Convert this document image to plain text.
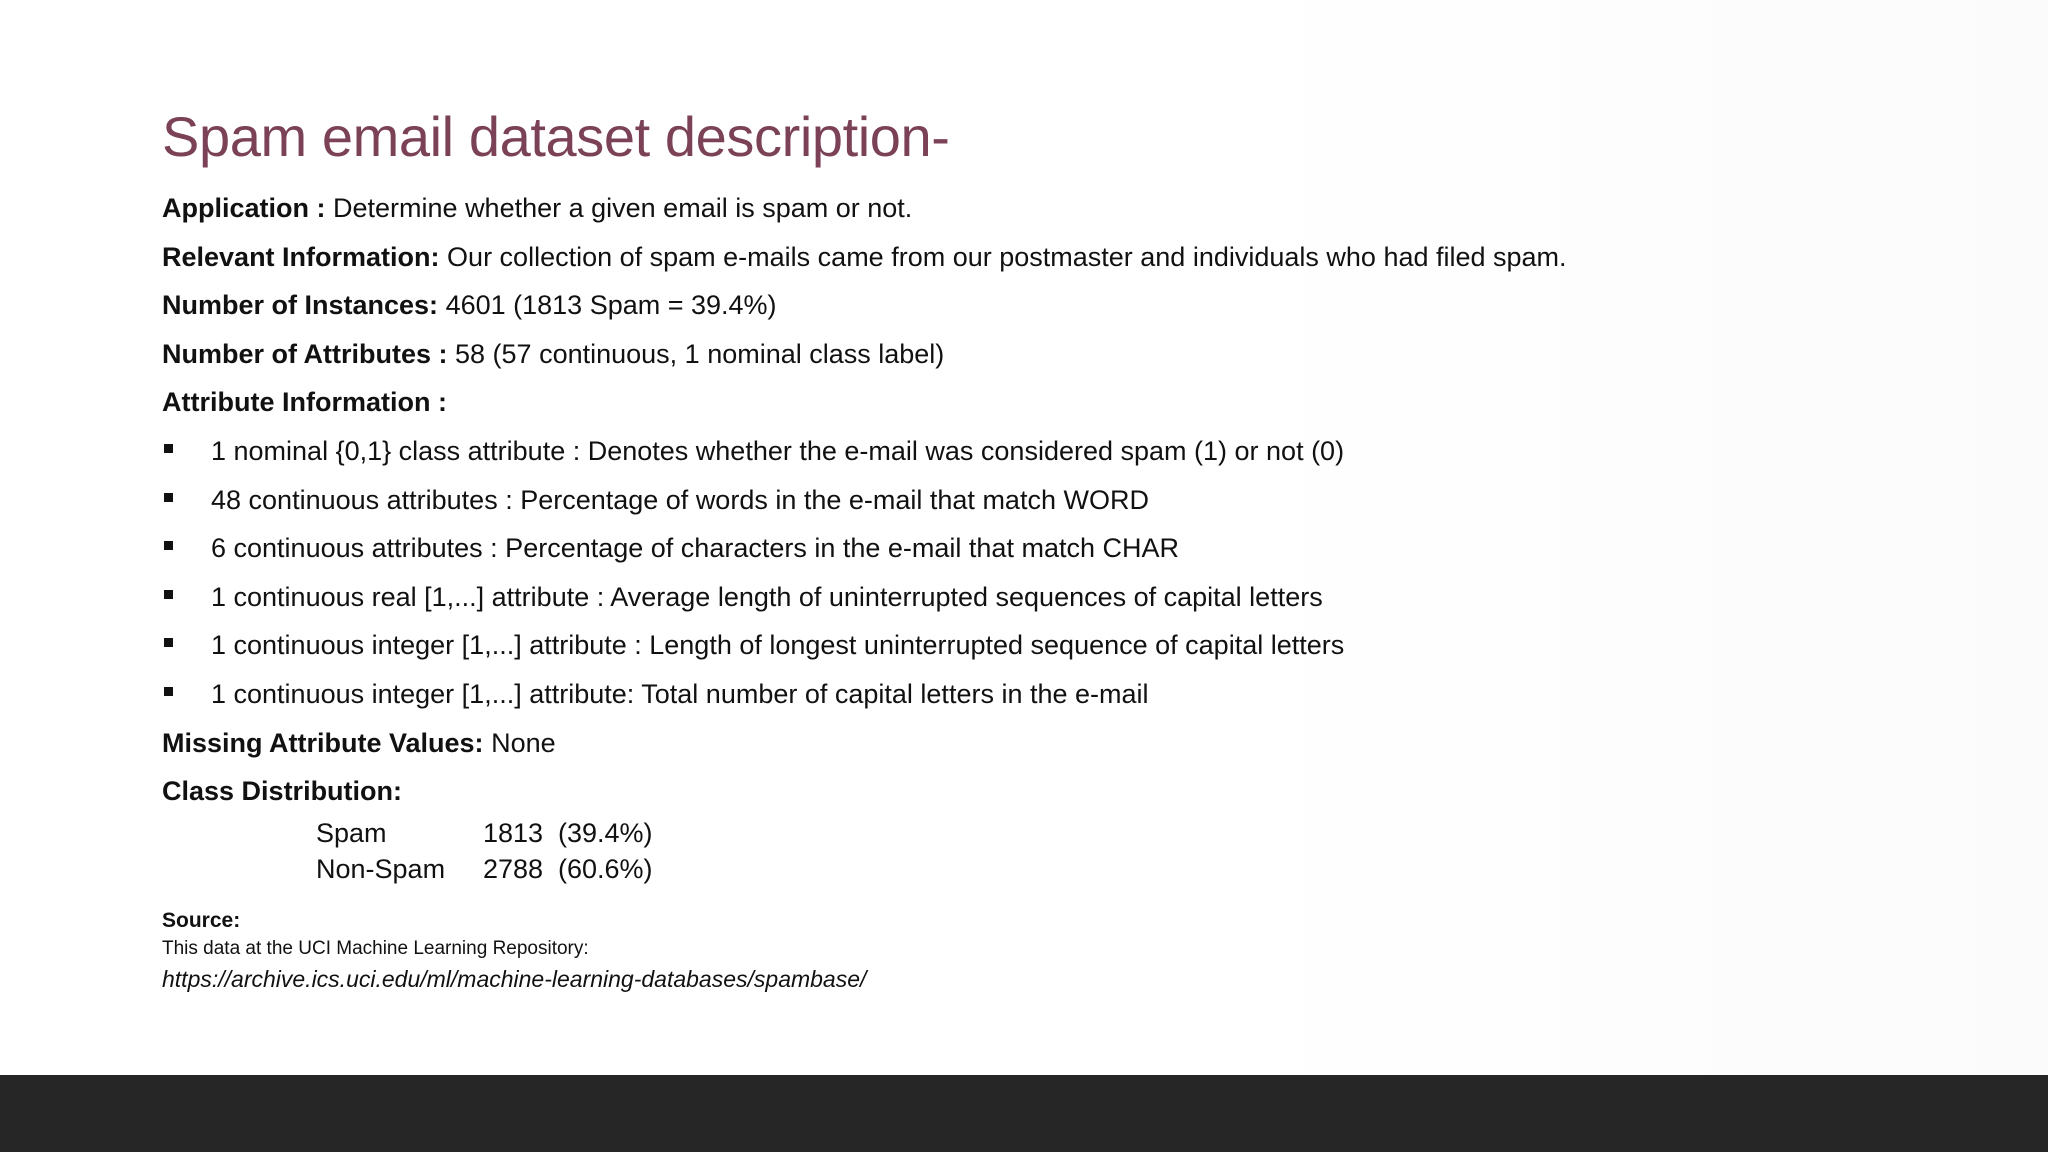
Spam email dataset description-
Application : Determine whether a given email is spam or not.
Relevant Information: Our collection of spam e-mails came from our postmaster and individuals who had filed spam.
Number of Instances: 4601 (1813 Spam = 39.4%)
Number of Attributes : 58 (57 continuous, 1 nominal class label)
Attribute Information :
1 nominal {0,1} class attribute : Denotes whether the e-mail was considered spam (1) or not (0)
48 continuous attributes : Percentage of words in the e-mail that match WORD
6 continuous attributes : Percentage of characters in the e-mail that match CHAR
1 continuous real [1,...] attribute : Average length of uninterrupted sequences of capital letters
1 continuous integer [1,...] attribute : Length of longest uninterrupted sequence of capital letters
1 continuous integer [1,...] attribute: Total number of capital letters in the e-mail
Missing Attribute Values: None
Class Distribution:
Spam	1813	(39.4%)
Non-Spam	2788	(60.6%)
Source:
This data at the UCI Machine Learning Repository:
https://archive.ics.uci.edu/ml/machine-learning-databases/spambase/
